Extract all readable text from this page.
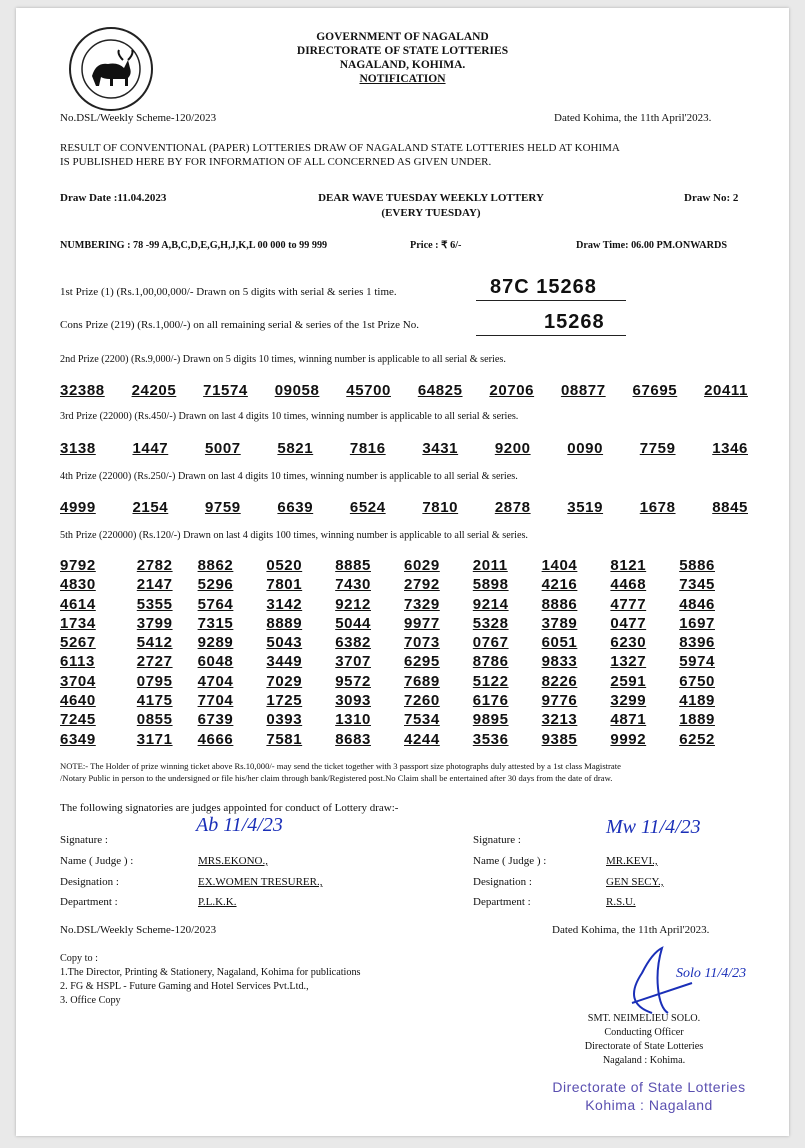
GOVERNMENT OF NAGALAND
DIRECTORATE OF STATE LOTTERIES
NAGALAND, KOHIMA.
NOTIFICATION
No.DSL/Weekly Scheme-120/2023	Dated Kohima, the 11th April'2023.
RESULT OF CONVENTIONAL (PAPER) LOTTERIES DRAW OF NAGALAND STATE LOTTERIES HELD AT KOHIMA
IS PUBLISHED HERE BY FOR INFORMATION OF ALL CONCERNED AS GIVEN UNDER.
Draw Date :11.04.2023	DEAR WAVE TUESDAY WEEKLY LOTTERY
(EVERY TUESDAY)
Draw No: 2
NUMBERING : 78 -99 A,B,C,D,E,G,H,J,K,L 00 000 to 99 999	Price : ₹ 6/-	Draw Time: 06.00 PM.ONWARDS
1st Prize (1) (Rs.1,00,00,000/- Drawn on 5 digits with serial & series 1 time.	87C 15268
Cons Prize (219) (Rs.1,000/-) on all remaining serial & series of the 1st Prize No.	15268
2nd Prize (2200) (Rs.9,000/-) Drawn on 5 digits 10 times, winning number is applicable to all serial & series.
32388 24205 71574 09058 45700 64825 20706 08877 67695 20411
3rd Prize (22000) (Rs.450/-) Drawn on last 4 digits 10 times, winning number is applicable to all serial & series.
3138 1447 5007 5821 7816 3431 9200 0090 7759 1346
4th Prize (22000) (Rs.250/-) Drawn on last 4 digits 10 times, winning number is applicable to all serial & series.
4999 2154 9759 6639 6524 7810 2878 3519 1678 8845
5th Prize (220000) (Rs.120/-) Drawn on last 4 digits 100 times, winning number is applicable to all serial & series.
9792	2782	8862	0520	8885	6029	2011	1404	8121	5886
4830	2147	5296	7801	7430	2792	5898	4216	4468	7345
4614	5355	5764	3142	9212	7329	9214	8886	4777	4846
1734	3799	7315	8889	5044	9977	5328	3789	0477	1697
5267	5412	9289	5043	6382	7073	0767	6051	6230	8396
6113	2727	6048	3449	3707	6295	8786	9833	1327	5974
3704	0795	4704	7029	9572	7689	5122	8226	2591	6750
4640	4175	7704	1725	3093	7260	6176	9776	3299	4189
7245	0855	6739	0393	1310	7534	9895	3213	4871	1889
6349	3171	4666	7581	8683	4244	3536	9385	9992	6252
NOTE:- The Holder of prize winning ticket above Rs.10,000/- may send the ticket together with 3 passport size photographs duly attested by a 1st class Magistrate
/Notary Public in person to the undersigned or file his/her claim through bank/Registered post.No Claim shall be entertained after 30 days from the date of draw.
The following signatories are judges appointed for conduct of Lottery draw:-
Signature :
Ab 11/4/23
Name ( Judge ) :	MRS.EKONO.,
Designation :	EX.WOMEN TRESURER.,
Department :	P.L.K.K.
Signature :
Mw 11/4/23
Name ( Judge ) :	MR.KEVI.,
Designation :	GEN SECY.,
Department :	R.S.U.
No.DSL/Weekly Scheme-120/2023	Dated Kohima, the 11th April'2023.
Copy to :
1.The Director, Printing & Stationery, Nagaland, Kohima for publications
2. FG & HSPL - Future Gaming and Hotel Services Pvt.Ltd.,
3. Office Copy
Solo 11/4/23
SMT. NEIMELIEU SOLO.
Conducting Officer
Directorate of State Lotteries
Nagaland : Kohima.
Directorate of State Lotteries
Kohima : Nagaland
